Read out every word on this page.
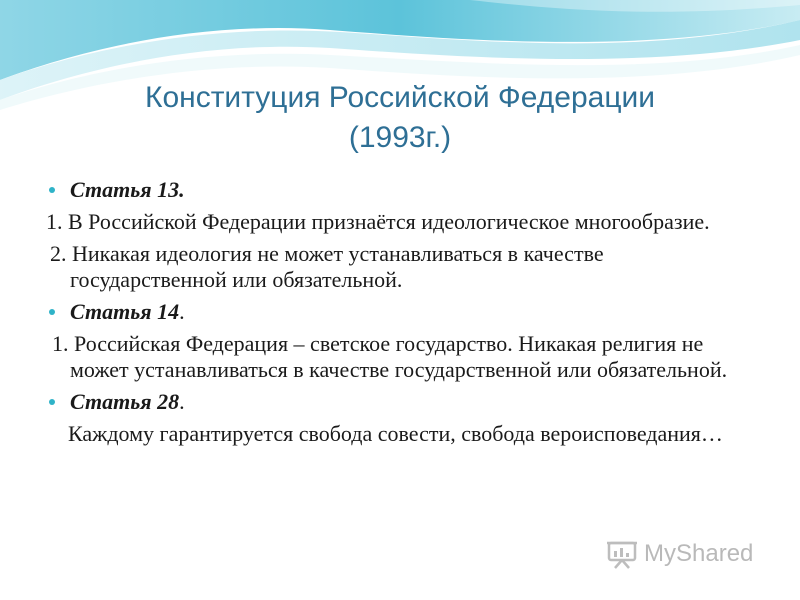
Конституция Российской Федерации
(1993г.)
Статья 13.
1. В Российской Федерации признаётся идеологическое многообразие.
2. Никакая идеология не может устанавливаться в качестве государственной или обязательной.
Статья 14.
1. Российская Федерация – светское государство. Никакая религия не может устанавливаться в качестве государственной или обязательной.
Статья 28.
Каждому гарантируется свобода совести, свобода вероисповедания…
MyShared
